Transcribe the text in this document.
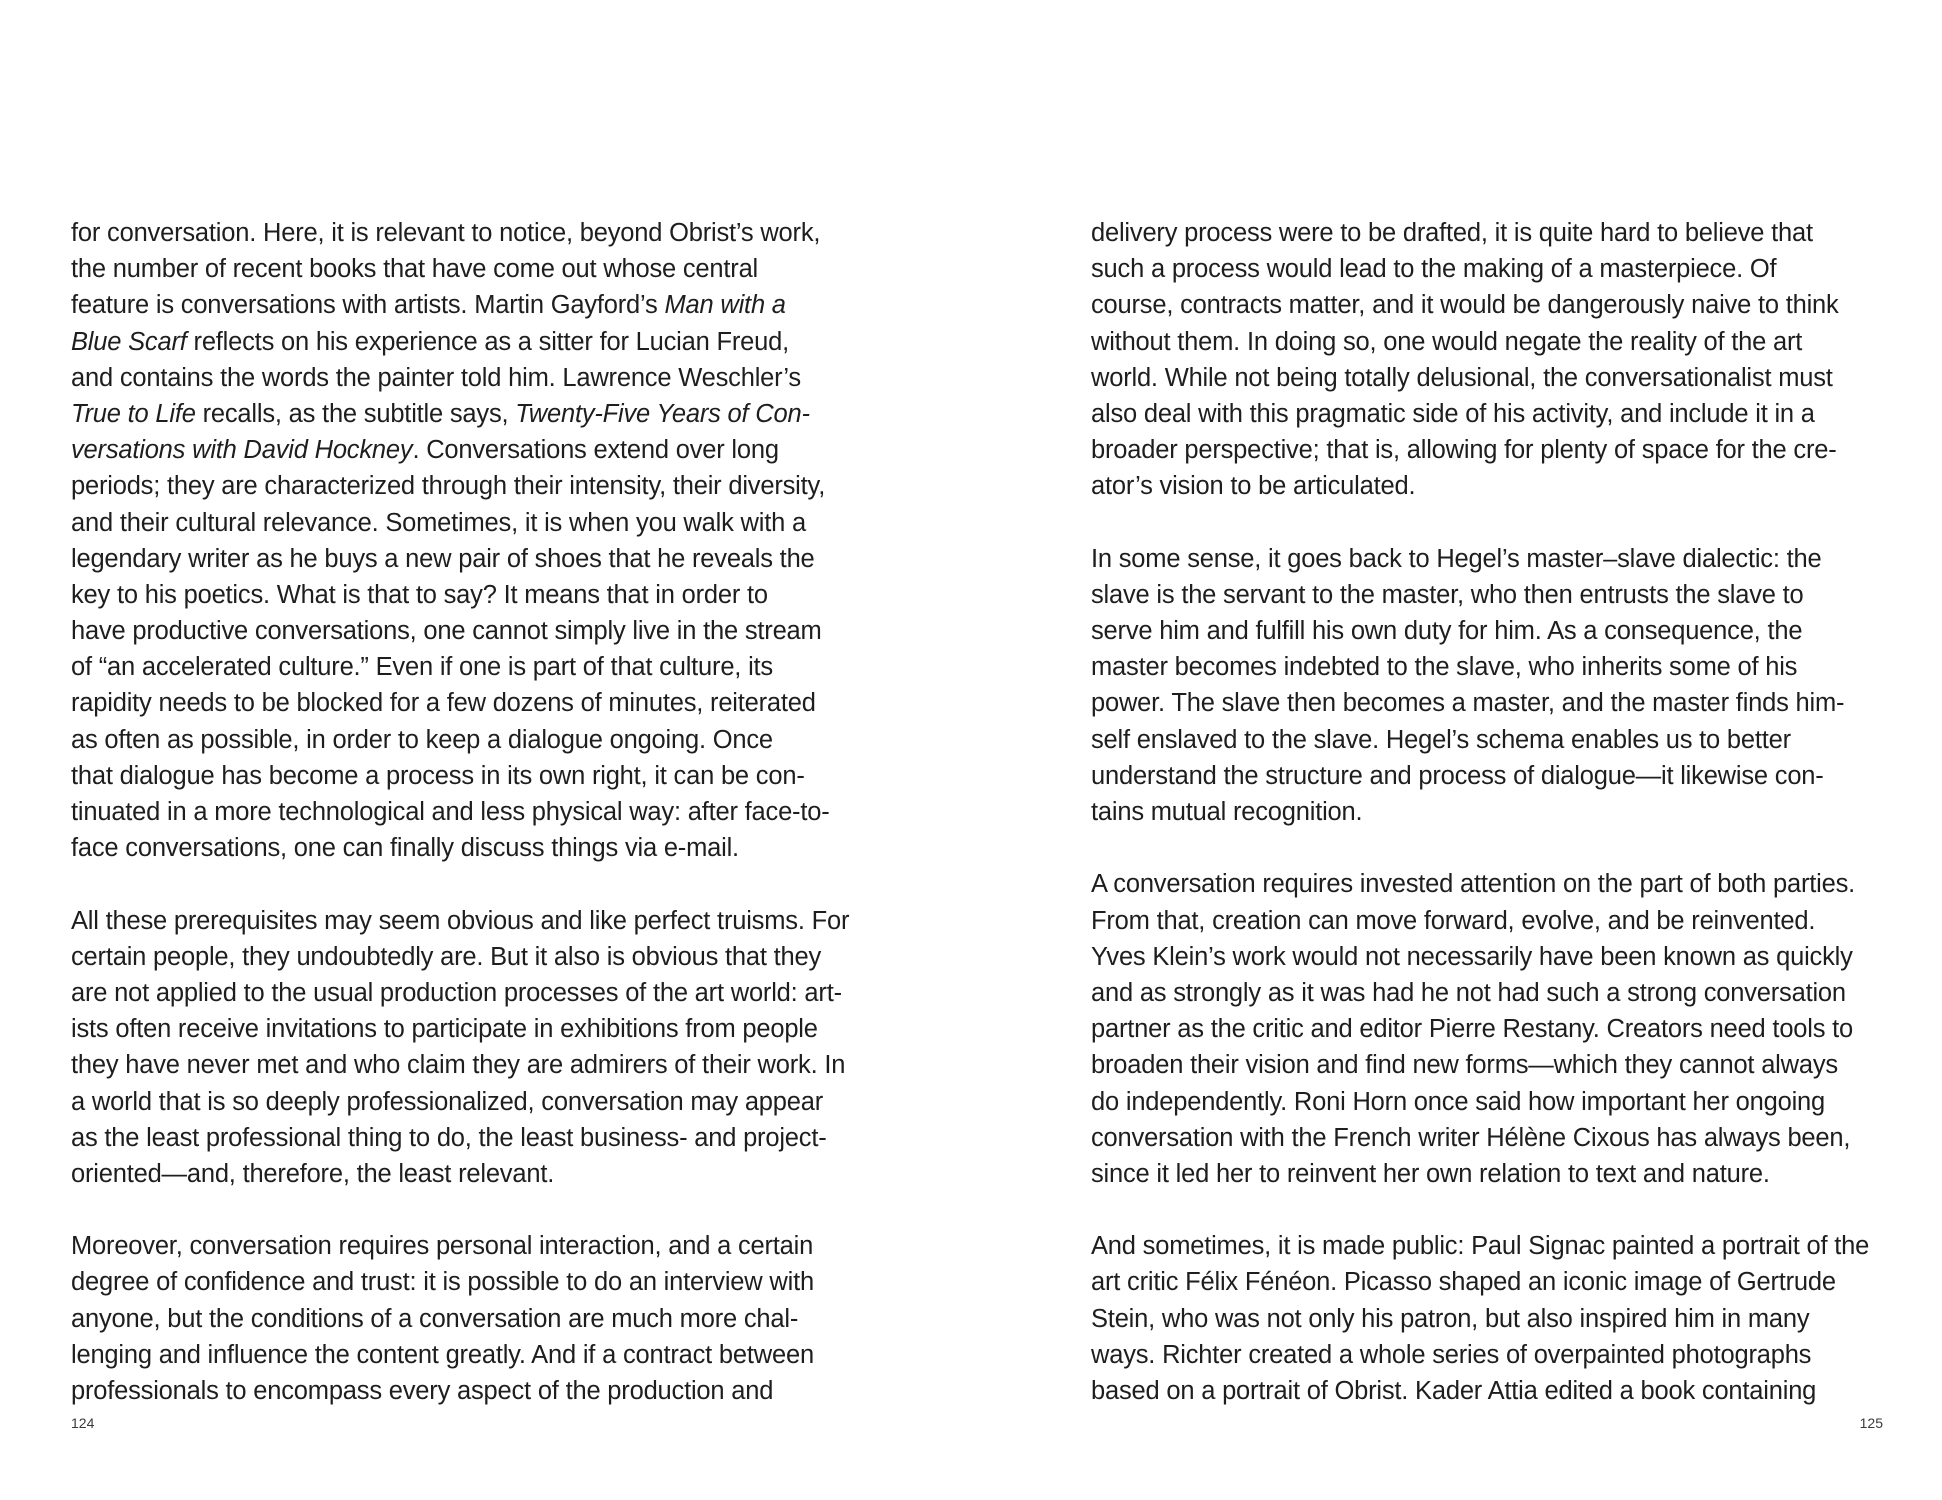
for conversation. Here, it is relevant to notice, beyond Obrist’s work,
the number of recent books that have come out whose central
feature is conversations with artists. Martin Gayford’s Man with a
Blue Scarf reflects on his experience as a sitter for Lucian Freud,
and contains the words the painter told him. Lawrence Weschler’s
True to Life recalls, as the subtitle says, Twenty-Five Years of Con-
versations with David Hockney. Conversations extend over long
periods; they are characterized through their intensity, their diversity,
and their cultural relevance. Sometimes, it is when you walk with a
legendary writer as he buys a new pair of shoes that he reveals the
key to his poetics. What is that to say? It means that in order to
have productive conversations, one cannot simply live in the stream
of “an accelerated culture.” Even if one is part of that culture, its
rapidity needs to be blocked for a few dozens of minutes, reiterated
as often as possible, in order to keep a dialogue ongoing. Once
that dialogue has become a process in its own right, it can be con-
tinuated in a more technological and less physical way: after face-to-
face conversations, one can finally discuss things via e-mail.
All these prerequisites may seem obvious and like perfect truisms. For
certain people, they undoubtedly are. But it also is obvious that they
are not applied to the usual production processes of the art world: art-
ists often receive invitations to participate in exhibitions from people
they have never met and who claim they are admirers of their work. In
a world that is so deeply professionalized, conversation may appear
as the least professional thing to do, the least business- and project-
oriented—and, therefore, the least relevant.
Moreover, conversation requires personal interaction, and a certain
degree of confidence and trust: it is possible to do an interview with
anyone, but the conditions of a conversation are much more chal-
lenging and influence the content greatly. And if a contract between
professionals to encompass every aspect of the production and
124
delivery process were to be drafted, it is quite hard to believe that
such a process would lead to the making of a masterpiece. Of
course, contracts matter, and it would be dangerously naive to think
without them. In doing so, one would negate the reality of the art
world. While not being totally delusional, the conversationalist must
also deal with this pragmatic side of his activity, and include it in a
broader perspective; that is, allowing for plenty of space for the cre-
ator’s vision to be articulated.
In some sense, it goes back to Hegel’s master–slave dialectic: the
slave is the servant to the master, who then entrusts the slave to
serve him and fulfill his own duty for him. As a consequence, the
master becomes indebted to the slave, who inherits some of his
power. The slave then becomes a master, and the master finds him-
self enslaved to the slave. Hegel’s schema enables us to better
understand the structure and process of dialogue—it likewise con-
tains mutual recognition.
A conversation requires invested attention on the part of both parties.
From that, creation can move forward, evolve, and be reinvented.
Yves Klein’s work would not necessarily have been known as quickly
and as strongly as it was had he not had such a strong conversation
partner as the critic and editor Pierre Restany. Creators need tools to
broaden their vision and find new forms—which they cannot always
do independently. Roni Horn once said how important her ongoing
conversation with the French writer Hélène Cixous has always been,
since it led her to reinvent her own relation to text and nature.
And sometimes, it is made public: Paul Signac painted a portrait of the
art critic Félix Fénéon. Picasso shaped an iconic image of Gertrude
Stein, who was not only his patron, but also inspired him in many
ways. Richter created a whole series of overpainted photographs
based on a portrait of Obrist. Kader Attia edited a book containing
125
